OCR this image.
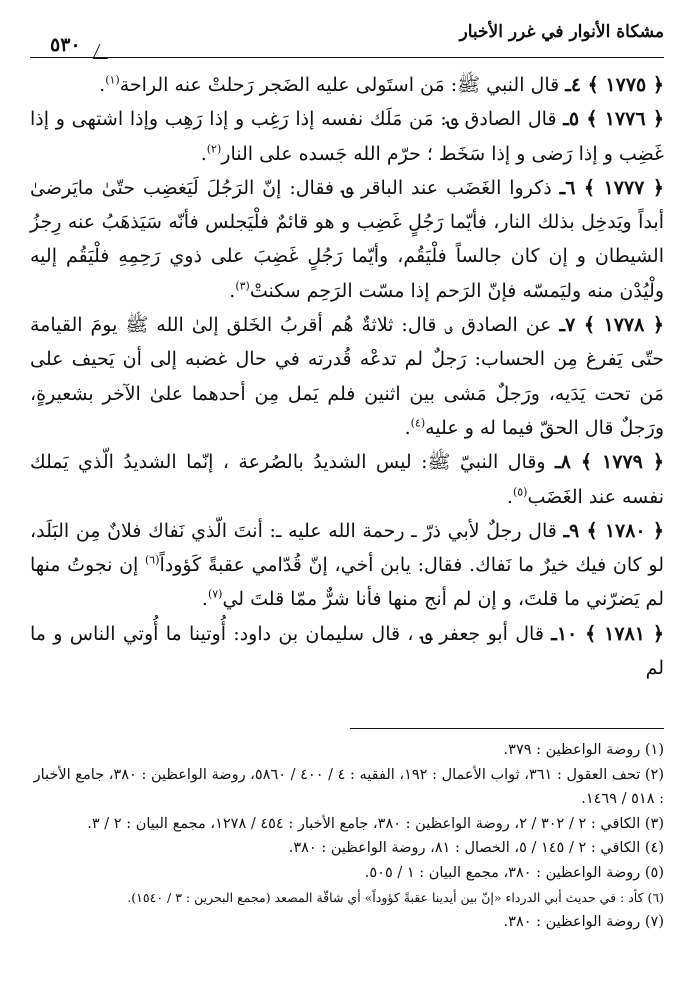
مشكاة الأنوار في غرر الأخبار
٥٣٠

﴿ ١٧٧٥ ﴾ ٤ـ قال النبي ﷺ: مَن استَولى عليه الضَجر رَحلتْ عنه الراحة$^{(١)}$.

﴿ ١٧٧٦ ﴾ ٥ـ قال الصادق ؈: مَن مَلَك نفسه إذا رَغِب و إذا رَهِب وإذا اشتهى و إذا غَضِب و إذا رَضى و إذا سَخَط ؛ حرّم الله جَسده على النار$^{(٢)}$.

﴿ ١٧٧٧ ﴾ ٦ـ ذكروا الغَضَب عند الباقر ؈ فقال: إنّ الرَجُلَ لَيَغضِب حتّىٰ مايَرضىٰ أبداً ويَدخِل بذلك النار، فأيّما رَجُلٍ غَضِب و هو قائمٌ فلْيَجلس فأنّه سَيَذهَبُ عنه رِجزُ الشيطان و إن كان جالساً فلْيَقُم، وأيّما رَجُلٍ غَضِبَ على ذوي رَحِمِهِ فلْيَقُم إليه ولْيُدْن منه وليَمسّه فإنّ الرَحم إذا مسّت الرَحِم سكنتْ$^{(٣)}$.

﴿ ١٧٧٨ ﴾ ٧ـ عن الصادق ؈ قال: ثلاثةٌ هُم أقربُ الخَلق إلىٰ الله ﷺ يومَ القيامة حتّى يَفرغ مِن الحساب: رَجلٌ لم تدعْه قُدرته في حال غضبه إلى أن يَحيف على مَن تحت يَدَيه، ورَجلٌ مَشى بين اثنين فلم يَمل مِن أحدهما علىٰ الآخر بشعيرةٍ، ورَجلٌ قال الحقّ فيما له و عليه$^{(٤)}$.

﴿ ١٧٧٩ ﴾ ٨ـ وقال النبيّ ﷺ: ليس الشديدُ بالصُرعة ، إنّما الشديدُ الّذي يَملك نفسه عند الغَضَب$^{(٥)}$.

﴿ ١٧٨٠ ﴾ ٩ـ قال رجلٌ لأبي ذرّ ـ رحمة الله عليه ـ: أنتَ الّذي نَفاك فلانٌ مِن البَلَد، لو كان فيك خيرٌ ما نَفاك. فقال: يابن أخي، إنّ قُدّامي عقبةً كَؤوداً$^{(٦)}$ إن نجوتُ منها لم يَضرّني ما قلتَ، و إن لم أنج منها فأنا شرٌّ ممّا قلتَ لي$^{(٧)}$.

﴿ ١٧٨١ ﴾ ١٠ـ قال أبو جعفر ؈ ، قال سليمان بن داود: أُوتينا ما أُوتي الناس و ما لم

(١) روضة الواعظين : ٣٧٩.

(٢) تحف العقول : ٣٦١، ثواب الأعمال : ١٩٢، الفقيه : ٤ / ٤٠٠ / ٥٨٦٠، روضة الواعظين : ٣٨٠، جامع الأخبار : ٥١٨ / ١٤٦٩.

(٣) الكافي : ٢ / ٣٠٢ / ٢، روضة الواعظين : ٣٨٠، جامع الأخبار : ٤٥٤ / ١٢٧٨، مجمع البيان : ٢ / ٣.

(٤) الكافي : ٢ / ١٤٥ / ٥، الخصال : ٨١، روضة الواعظين : ٣٨٠.

(٥) روضة الواعظين : ٣٨٠، مجمع البيان : ١ / ٥٠٥.

(٦) كأد : في حديث أبي الدرداء «إنّ بين أيدينا عقبةً كؤوداً» أي شاقّة المصعد (مجمع البحرين : ٣ / ١٥٤٠).

(٧) روضة الواعظين : ٣٨٠.
